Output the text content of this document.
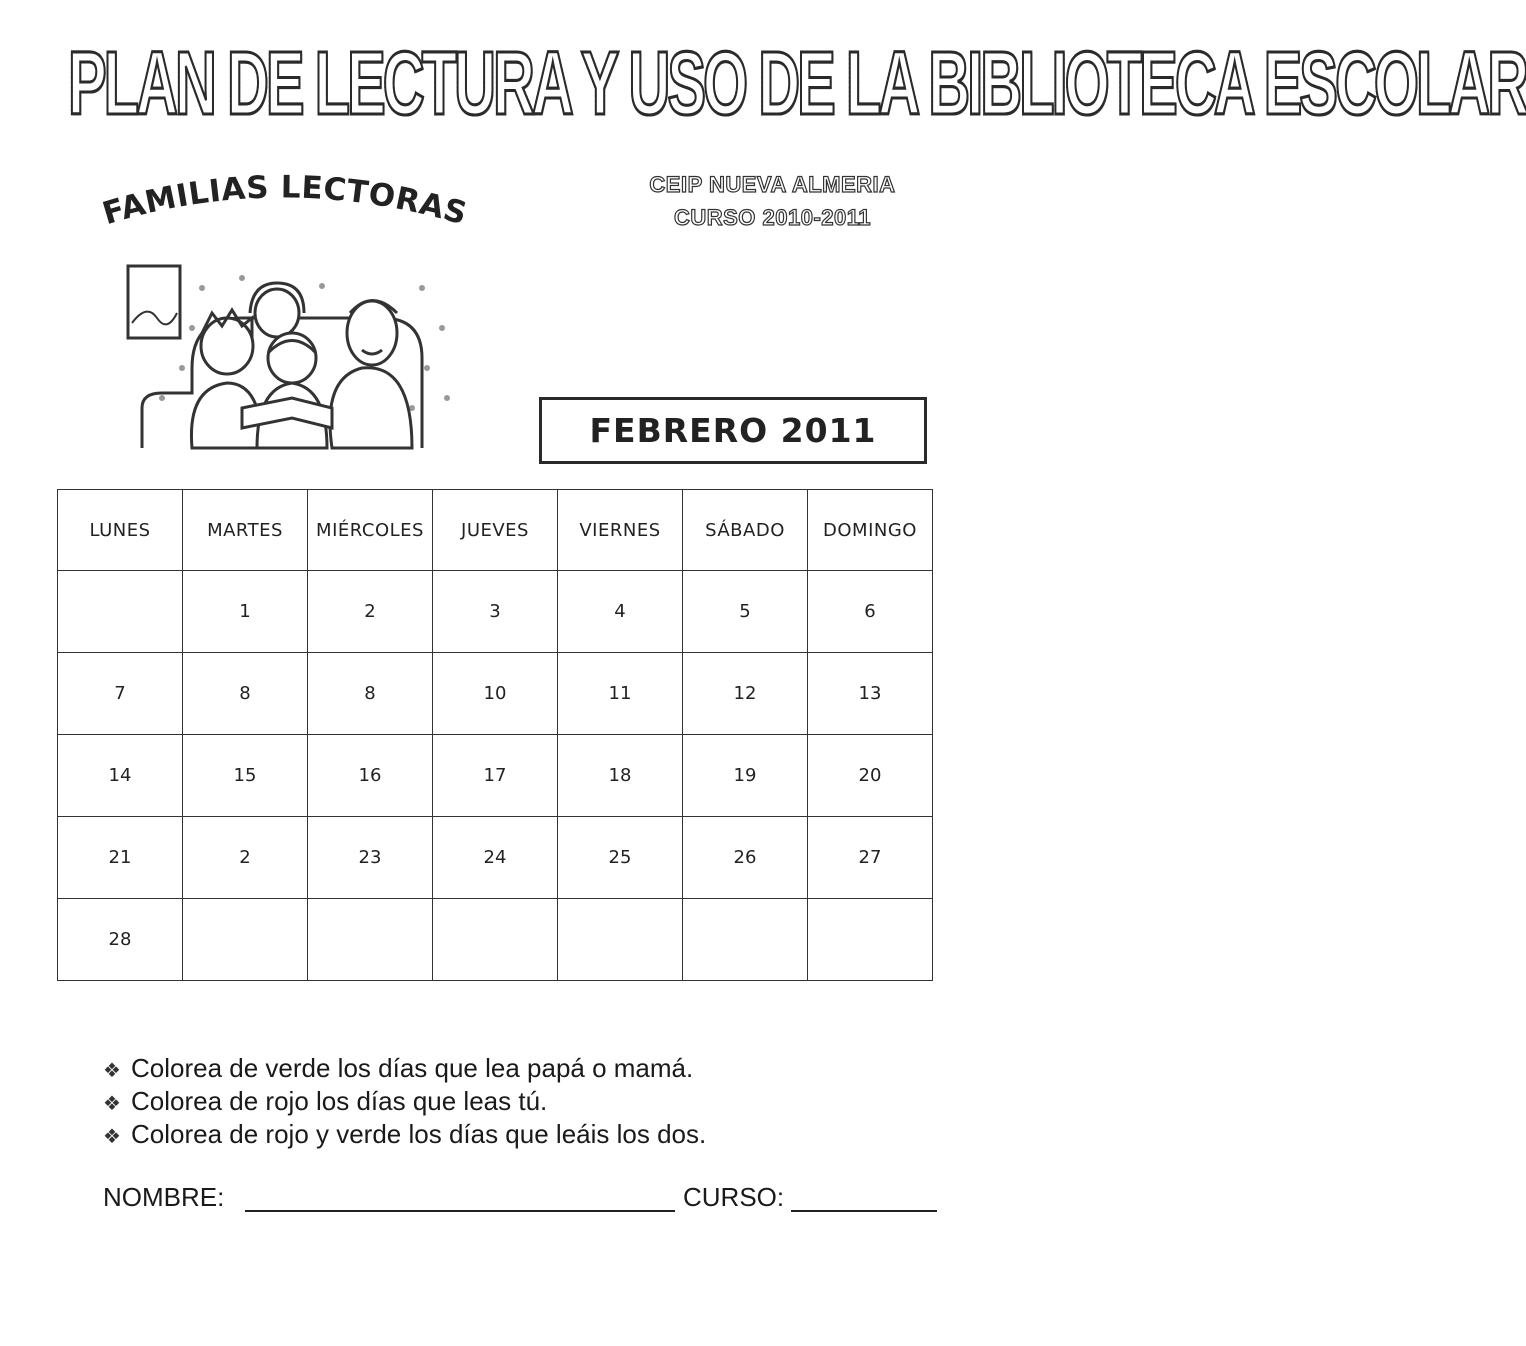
PLAN DE LECTURA Y USO DE LA BIBLIOTECA ESCOLAR
FAMILIAS LECTORAS
CEIP NUEVA ALMERIA
CURSO 2010-2011
FEBRERO 2011
LUNES	MARTES	MIÉRCOLES	JUEVES	VIERNES	SÁBADO	DOMINGO
	1	2	3	4	5	6
7	8	8	10	11	12	13
14	15	16	17	18	19	20
21	2	23	24	25	26	27
28						
❖ Colorea de verde los días que lea papá o mamá.
❖ Colorea de rojo los días que leas tú.
❖ Colorea de rojo y verde los días que leáis los dos.
NOMBRE:	CURSO:
